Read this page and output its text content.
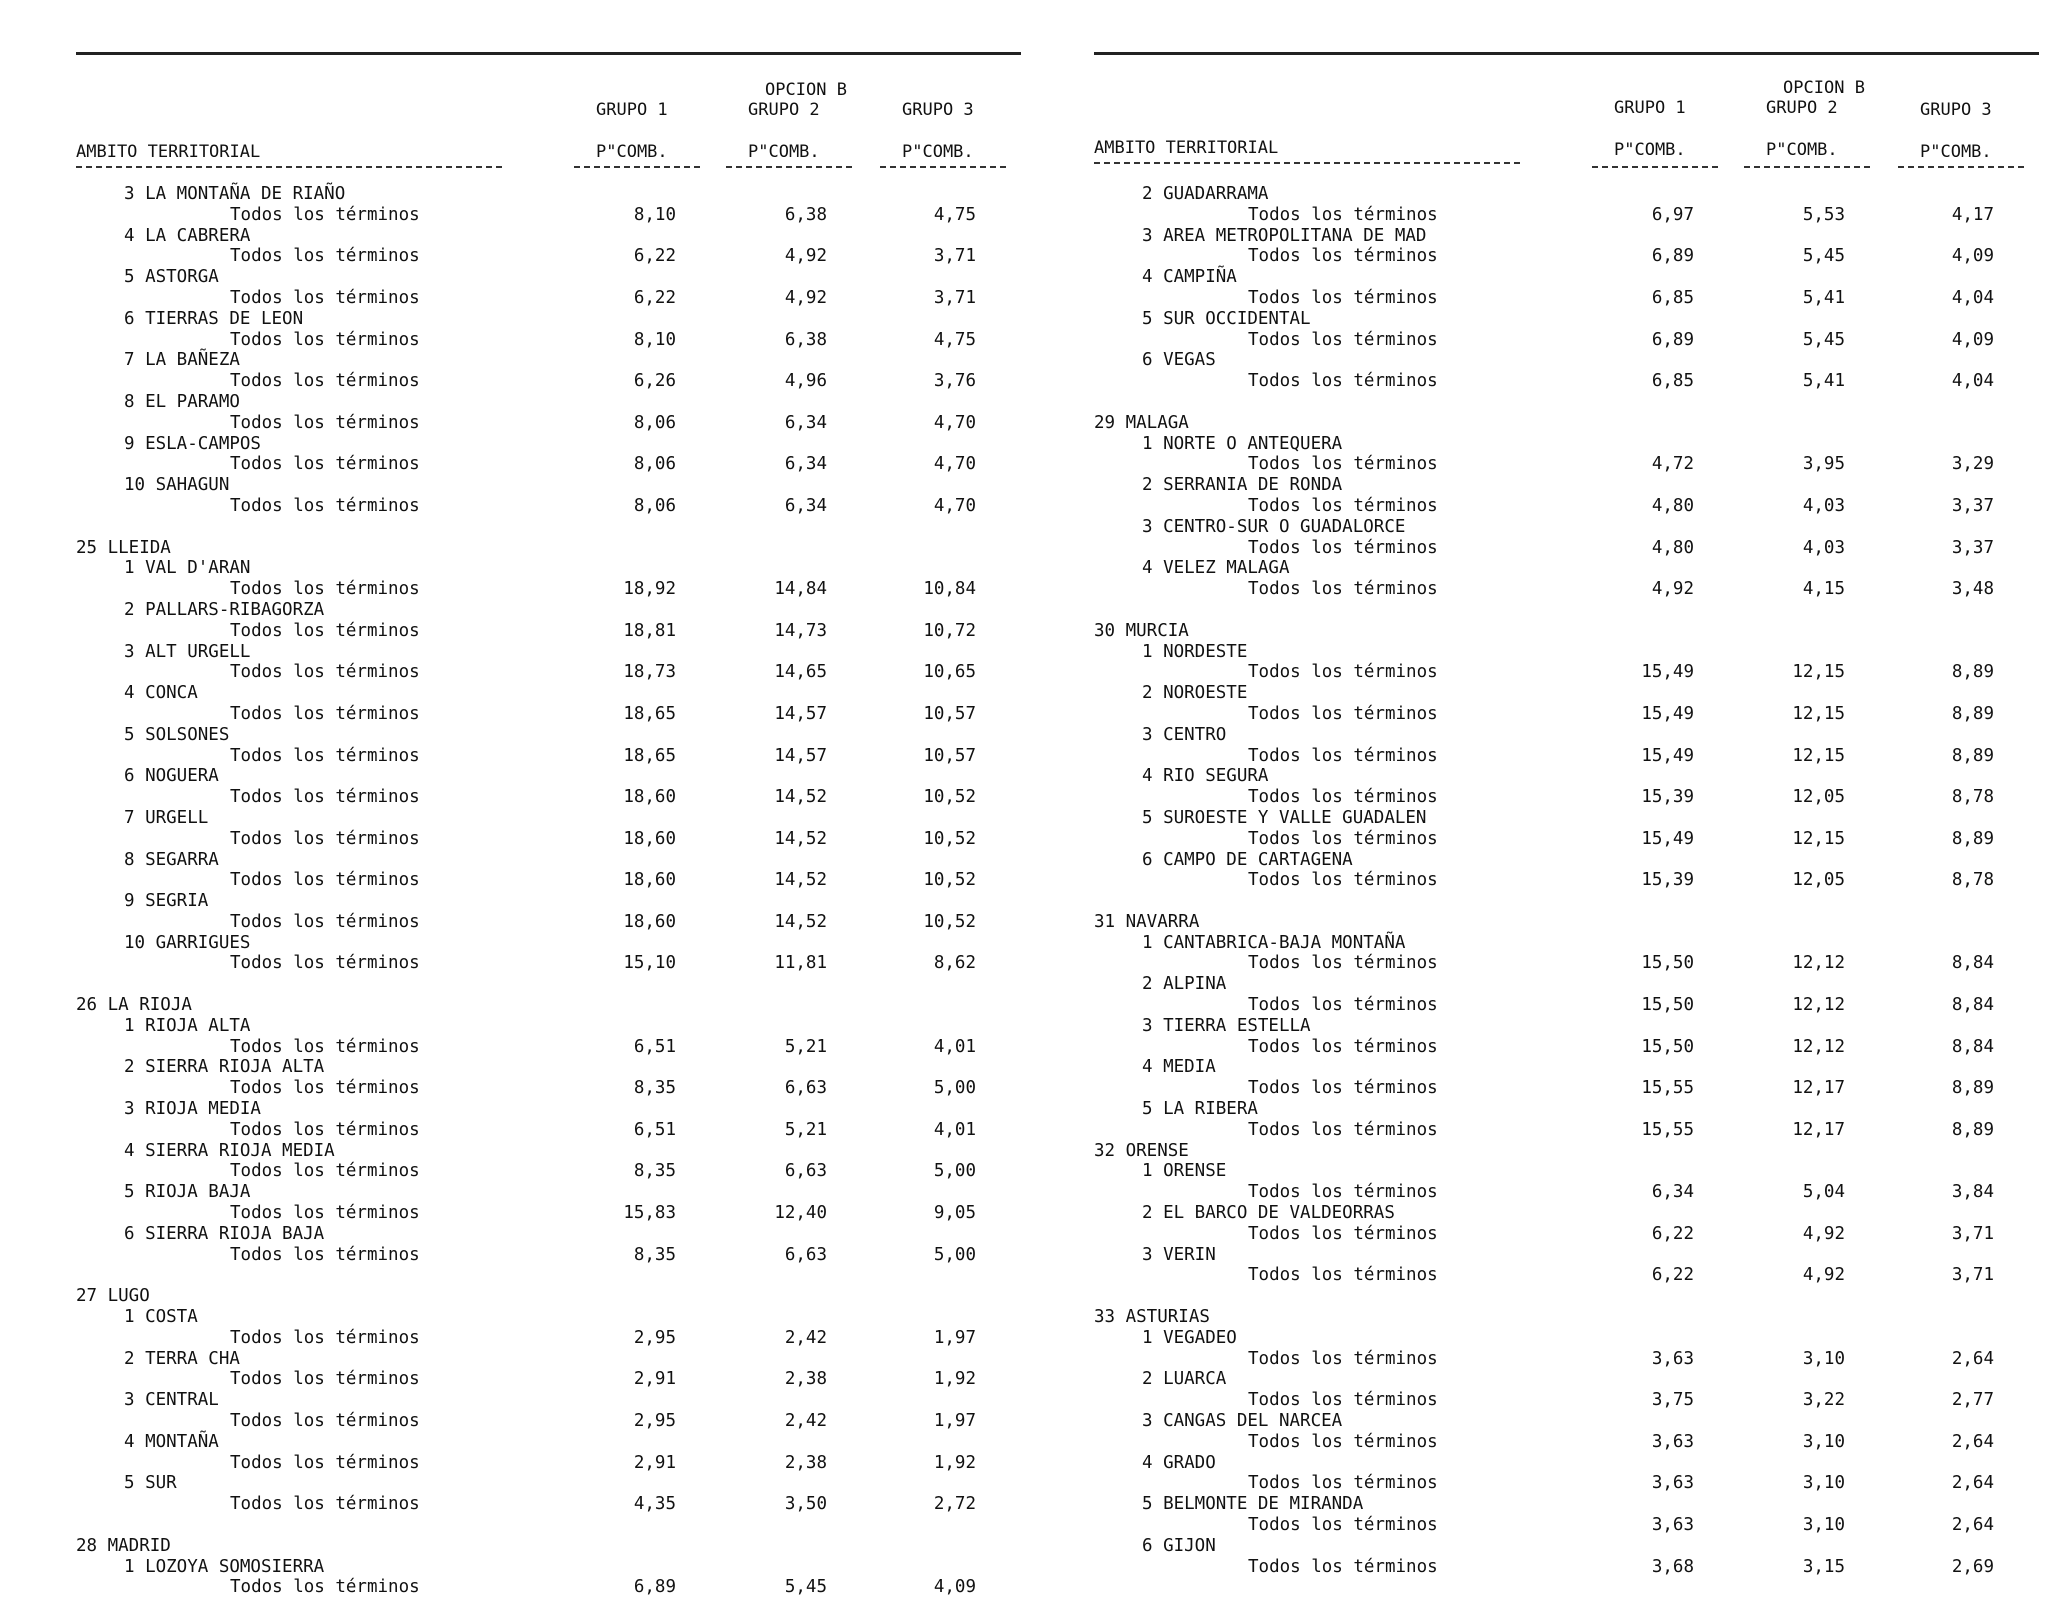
OPCION B
GRUPO 1	GRUPO 2	GRUPO 3
AMBITO TERRITORIAL	P"COMB.	P"COMB.	P"COMB.
3 LA MONTAÑA DE RIAÑO
Todos los términos	8,10	6,38	4,75
4 LA CABRERA
Todos los términos	6,22	4,92	3,71
5 ASTORGA
Todos los términos	6,22	4,92	3,71
6 TIERRAS DE LEON
Todos los términos	8,10	6,38	4,75
7 LA BAÑEZA
Todos los términos	6,26	4,96	3,76
8 EL PARAMO
Todos los términos	8,06	6,34	4,70
9 ESLA-CAMPOS
Todos los términos	8,06	6,34	4,70
10 SAHAGUN
Todos los términos	8,06	6,34	4,70
25 LLEIDA
1 VAL D'ARAN
Todos los términos	18,92	14,84	10,84
2 PALLARS-RIBAGORZA
Todos los términos	18,81	14,73	10,72
3 ALT URGELL
Todos los términos	18,73	14,65	10,65
4 CONCA
Todos los términos	18,65	14,57	10,57
5 SOLSONES
Todos los términos	18,65	14,57	10,57
6 NOGUERA
Todos los términos	18,60	14,52	10,52
7 URGELL
Todos los términos	18,60	14,52	10,52
8 SEGARRA
Todos los términos	18,60	14,52	10,52
9 SEGRIA
Todos los términos	18,60	14,52	10,52
10 GARRIGUES
Todos los términos	15,10	11,81	8,62
26 LA RIOJA
1 RIOJA ALTA
Todos los términos	6,51	5,21	4,01
2 SIERRA RIOJA ALTA
Todos los términos	8,35	6,63	5,00
3 RIOJA MEDIA
Todos los términos	6,51	5,21	4,01
4 SIERRA RIOJA MEDIA
Todos los términos	8,35	6,63	5,00
5 RIOJA BAJA
Todos los términos	15,83	12,40	9,05
6 SIERRA RIOJA BAJA
Todos los términos	8,35	6,63	5,00
27 LUGO
1 COSTA
Todos los términos	2,95	2,42	1,97
2 TERRA CHA
Todos los términos	2,91	2,38	1,92
3 CENTRAL
Todos los términos	2,95	2,42	1,97
4 MONTAÑA
Todos los términos	2,91	2,38	1,92
5 SUR
Todos los términos	4,35	3,50	2,72
28 MADRID
1 LOZOYA SOMOSIERRA
Todos los términos	6,89	5,45	4,09
OPCION B
GRUPO 1	GRUPO 2	GRUPO 3
AMBITO TERRITORIAL	P"COMB.	P"COMB.	P"COMB.
2 GUADARRAMA
Todos los términos	6,97	5,53	4,17
3 AREA METROPOLITANA DE MAD
Todos los términos	6,89	5,45	4,09
4 CAMPIÑA
Todos los términos	6,85	5,41	4,04
5 SUR OCCIDENTAL
Todos los términos	6,89	5,45	4,09
6 VEGAS
Todos los términos	6,85	5,41	4,04
29 MALAGA
1 NORTE O ANTEQUERA
Todos los términos	4,72	3,95	3,29
2 SERRANIA DE RONDA
Todos los términos	4,80	4,03	3,37
3 CENTRO-SUR O GUADALORCE
Todos los términos	4,80	4,03	3,37
4 VELEZ MALAGA
Todos los términos	4,92	4,15	3,48
30 MURCIA
1 NORDESTE
Todos los términos	15,49	12,15	8,89
2 NOROESTE
Todos los términos	15,49	12,15	8,89
3 CENTRO
Todos los términos	15,49	12,15	8,89
4 RIO SEGURA
Todos los términos	15,39	12,05	8,78
5 SUROESTE Y VALLE GUADALEN
Todos los términos	15,49	12,15	8,89
6 CAMPO DE CARTAGENA
Todos los términos	15,39	12,05	8,78
31 NAVARRA
1 CANTABRICA-BAJA MONTAÑA
Todos los términos	15,50	12,12	8,84
2 ALPINA
Todos los términos	15,50	12,12	8,84
3 TIERRA ESTELLA
Todos los términos	15,50	12,12	8,84
4 MEDIA
Todos los términos	15,55	12,17	8,89
5 LA RIBERA
Todos los términos	15,55	12,17	8,89
32 ORENSE
1 ORENSE
Todos los términos	6,34	5,04	3,84
2 EL BARCO DE VALDEORRAS
Todos los términos	6,22	4,92	3,71
3 VERIN
Todos los términos	6,22	4,92	3,71
33 ASTURIAS
1 VEGADEO
Todos los términos	3,63	3,10	2,64
2 LUARCA
Todos los términos	3,75	3,22	2,77
3 CANGAS DEL NARCEA
Todos los términos	3,63	3,10	2,64
4 GRADO
Todos los términos	3,63	3,10	2,64
5 BELMONTE DE MIRANDA
Todos los términos	3,63	3,10	2,64
6 GIJON
Todos los términos	3,68	3,15	2,69
